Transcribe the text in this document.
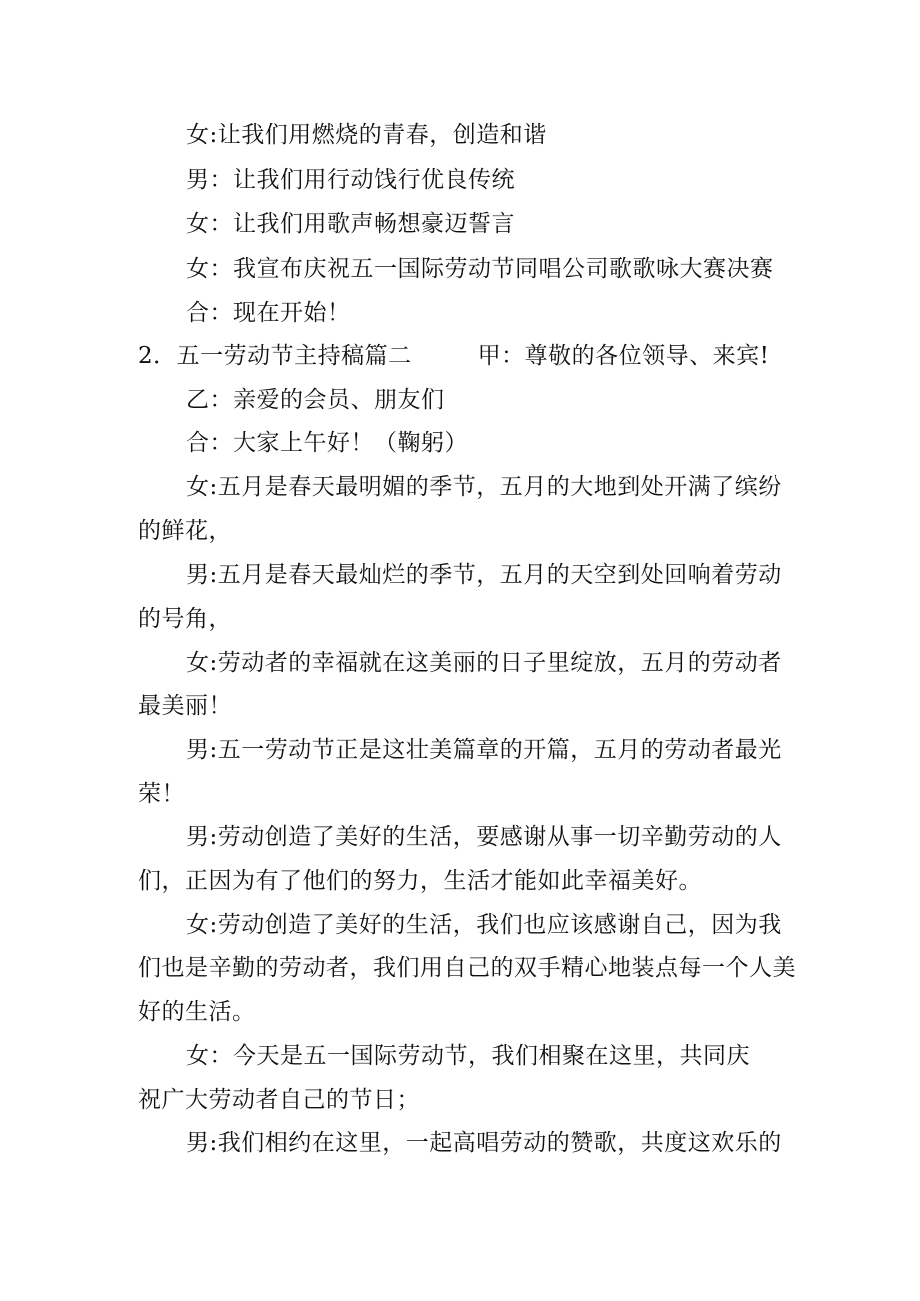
女:让我们用燃烧的青春，创造和谐
男：让我们用行动饯行优良传统
女：让我们用歌声畅想豪迈誓言
女：我宣布庆祝五一国际劳动节同唱公司歌歌咏大赛决赛
合：现在开始！
2．五一劳动节主持稿篇二	甲：尊敬的各位领导、来宾!
乙：亲爱的会员、朋友们
合：大家上午好！（鞠躬）
女:五月是春天最明媚的季节，五月的大地到处开满了缤纷
的鲜花，
男:五月是春天最灿烂的季节，五月的天空到处回响着劳动
的号角，
女:劳动者的幸福就在这美丽的日子里绽放，五月的劳动者
最美丽！
男:五一劳动节正是这壮美篇章的开篇，五月的劳动者最光
荣！
男:劳动创造了美好的生活，要感谢从事一切辛勤劳动的人
们，正因为有了他们的努力，生活才能如此幸福美好。
女:劳动创造了美好的生活，我们也应该感谢自己，因为我
们也是辛勤的劳动者，我们用自己的双手精心地装点每一个人美
好的生活。
女：今天是五一国际劳动节，我们相聚在这里，共同庆
祝广大劳动者自己的节日；
男:我们相约在这里，一起高唱劳动的赞歌，共度这欢乐的
